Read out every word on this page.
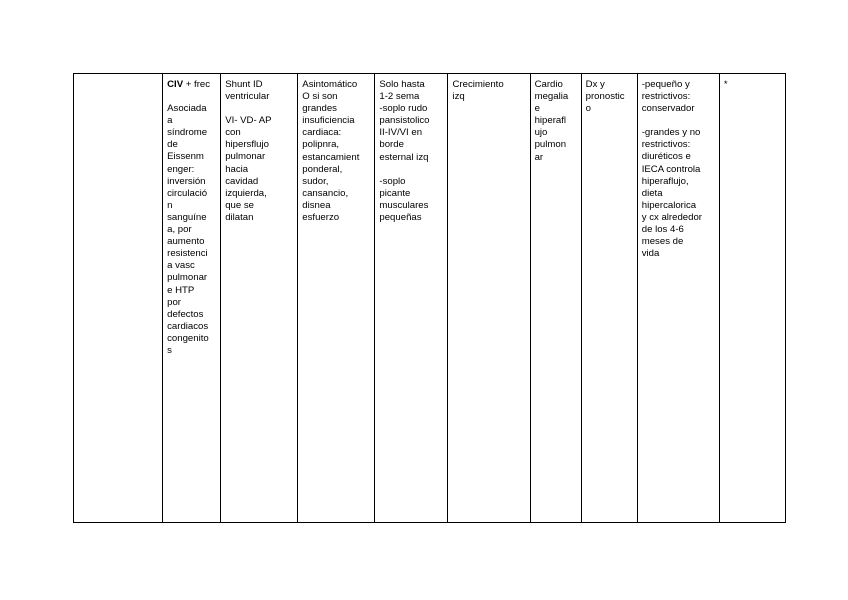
CIV + frec
Asociada
a
síndrome
de
Eissenm
enger:
inversión
circulació
n
sanguíne
a, por
aumento
resistenci
a vasc
pulmonar
e HTP
por
defectos
cardiacos
congenito
s

Shunt ID
ventricular
VI- VD- AP
con
hipersflujo
pulmonar
hacia
cavidad
izquierda,
que se
dilatan

Asintomático
O si son
grandes
insuficiencia
cardiaca:
polipnra,
estancamient
ponderal,
sudor,
cansancio,
disnea
esfuerzo

Solo hasta
1-2 sema
-soplo rudo
pansistolico
II-IV/VI en
borde
esternal izq
-soplo
picante
musculares
pequeñas

Crecimiento
izq

Cardio
megalia
e
hiperafl
ujo
pulmon
ar

Dx y
pronostic
o

-pequeño y
restrictivos:
conservador
-grandes y no
restrictivos:
diuréticos e
IECA controla
hiperaflujo,
dieta
hipercalorica
y cx alrededor
de los 4-6
meses de
vida

*
